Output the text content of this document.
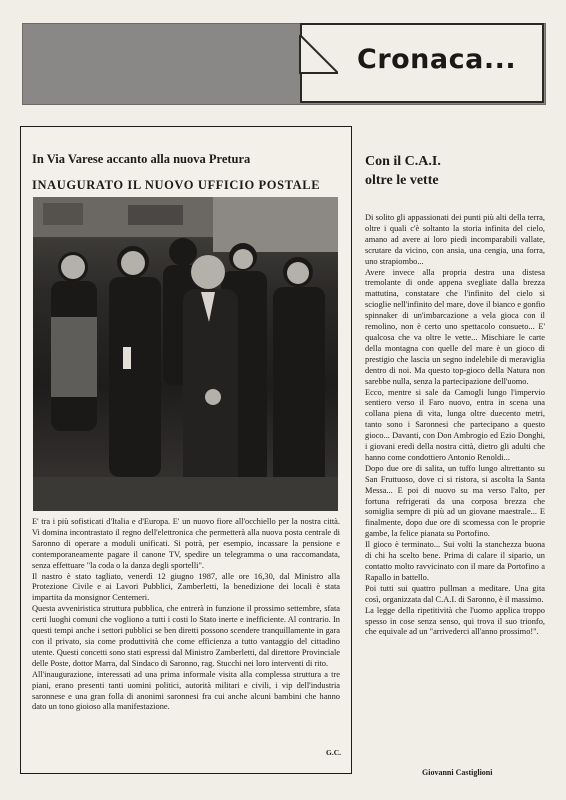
Cronaca...
In Via Varese accanto alla nuova Pretura
INAUGURATO IL NUOVO UFFICIO POSTALE

E' tra i più sofisticati d'Italia e d'Europa. E' un nuovo fiore all'occhiello per la nostra città. Vi domina incontrastato il regno dell'elettronica che permetterà alla nuova posta centrale di Saronno di operare a moduli unificati. Si potrà, per esempio, incassare la pensione e contemporaneamente pagare il canone TV, spedire un telegramma o una raccomandata, senza effettuare "la coda o la danza degli sportelli".
Il nastro è stato tagliato, venerdì 12 giugno 1987, alle ore 16,30, dal Ministro alla Protezione Civile e ai Lavori Pubblici, Zamberletti, la benedizione dei locali è stata impartita da monsignor Centemeri.
Questa avveniristica struttura pubblica, che entrerà in funzione il prossimo settembre, sfata certi luoghi comuni che vogliono a tutti i costi lo Stato inerte e inefficiente. Al contrario. In questi tempi anche i settori pubblici se ben diretti possono scendere tranquillamente in gara con il privato, sia come produttività che come efficienza a tutto vantaggio del cittadino utente. Questi concetti sono stati espressi dal Ministro Zamberletti, dal direttore Provinciale delle Poste, dottor Marra, dal Sindaco di Saronno, rag. Stucchi nei loro interventi di rito.
All'inaugurazione, interessati ad una prima informale visita alla complessa struttura a tre piani, erano presenti tanti uomini politici, autorità militari e civili, i vip dell'industria saronnese e una gran folla di anonimi saronnesi fra cui anche alcuni bambini che hanno dato un tono gioioso alla manifestazione.

G.C.
Con il C.A.I.
oltre le vette

Di solito gli appassionati dei punti più alti della terra, oltre i quali c'è soltanto la storia infinita del cielo, amano ad avere ai loro piedi incomparabili vallate, scrutare da vicino, con ansia, una cengia, una forra, uno strapiombo...
Avere invece alla propria destra una distesa tremolante di onde appena svegliate dalla brezza mattutina, constatare che l'infinito del cielo si scioglie nell'infinito del mare, dove il bianco e gonfio spinnaker di un'imbarcazione a vela gioca con il remolino, non è certo uno spettacolo consueto... E' qualcosa che va oltre le vette... Mischiare le carte della montagna con quelle del mare è un gioco di prestigio che lascia un segno indelebile di meraviglia dentro di noi. Ma questo top-gioco della Natura non sarebbe nulla, senza la partecipazione dell'uomo.
Ecco, mentre si sale da Camogli lungo l'impervio sentiero verso il Faro nuovo, entra in scena una collana piena di vita, lunga oltre duecento metri, tanto sono i Saronnesi che partecipano a questo gioco... Davanti, con Don Ambrogio ed Ezio Donghi, i giovani eredi della nostra città, dietro gli adulti che hanno come condottiero Antonio Renoldi...
Dopo due ore di salita, un tuffo lungo altrettanto su San Fruttuoso, dove ci si ristora, si ascolta la Santa Messa... E poi di nuovo su ma verso l'alto, per fortuna refrigerati da una corposa brezza che somiglia sempre di più ad un giovane maestrale... E finalmente, dopo due ore di scomessa con le proprie gambe, la felice pianata su Portofino.
Il gioco è terminato... Sui volti la stanchezza buona di chi ha scelto bene. Prima di calare il sipario, un contatto molto ravvicinato con il mare da Portofino a Rapallo in battello.
Poi tutti sui quattro pullman a meditare. Una gita così, organizzata dal C.A.I. di Saronno, è il massimo.
La legge della ripetitività che l'uomo applica troppo spesso in cose senza senso, qui trova il suo trionfo, che equivale ad un "arrivederci all'anno prossimo!".

Giovanni Castiglioni
